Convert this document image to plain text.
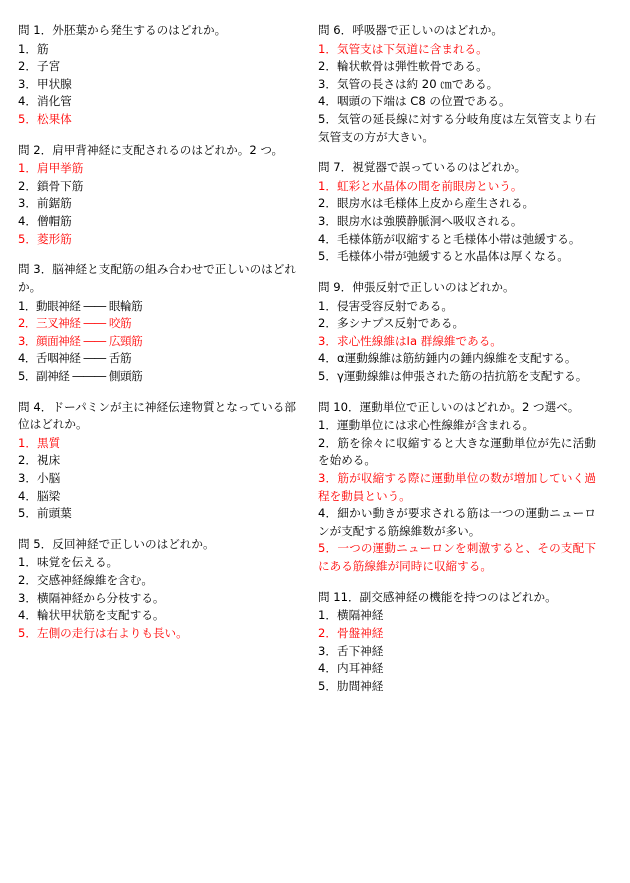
問 1．外胚葉から発生するのはどれか。
1．筋
2．子宮
3．甲状腺
4．消化管
5．松果体
問 2．肩甲背神経に支配されるのはどれか。2 つ。
1．肩甲挙筋
2．鎖骨下筋
3．前鋸筋
4．僧帽筋
5．菱形筋
問 3．脳神経と支配筋の組み合わせで正しいのはどれか。
1．動眼神経 ―― 眼輪筋
2．三叉神経 ―― 咬筋
3．顔面神経 ―― 広頸筋
4．舌咽神経 ―― 舌筋
5．副神経 ――― 側頭筋
問 4．ドーパミンが主に神経伝達物質となっている部位はどれか。
1．黒質
2．視床
3．小脳
4．脳梁
5．前頭葉
問 5．反回神経で正しいのはどれか。
1．味覚を伝える。
2．交感神経線維を含む。
3．横隔神経から分枝する。
4．輪状甲状筋を支配する。
5．左側の走行は右よりも長い。
問 6．呼吸器で正しいのはどれか。
1．気管支は下気道に含まれる。
2．輪状軟骨は弾性軟骨である。
3．気管の長さは約 20 ㎝である。
4．咽頭の下端は C8 の位置である。
5．気管の延長線に対する分岐角度は左気管支より右気管支の方が大きい。
問 7．視覚器で誤っているのはどれか。
1．虹彩と水晶体の間を前眼房という。
2．眼房水は毛様体上皮から産生される。
3．眼房水は強膜静脈洞へ吸収される。
4．毛様体筋が収縮すると毛様体小帯は弛緩する。
5．毛様体小帯が弛緩すると水晶体は厚くなる。
問 9．伸張反射で正しいのはどれか。
1．侵害受容反射である。
2．多シナプス反射である。
3．求心性線維はⅠa 群線維である。
4．α運動線維は筋紡錘内の錘内線維を支配する。
5．γ運動線維は伸張された筋の拮抗筋を支配する。
問 10．運動単位で正しいのはどれか。2 つ選べ。
1．運動単位には求心性線維が含まれる。
2．筋を徐々に収縮すると大きな運動単位が先に活動を始める。
3．筋が収縮する際に運動単位の数が増加していく過程を動員という。
4．細かい動きが要求される筋は一つの運動ニューロンが支配する筋線維数が多い。
5．一つの運動ニューロンを刺激すると、その支配下にある筋線維が同時に収縮する。
問 11．副交感神経の機能を持つのはどれか。
1．横隔神経
2．骨盤神経
3．舌下神経
4．内耳神経
5．肋間神経
